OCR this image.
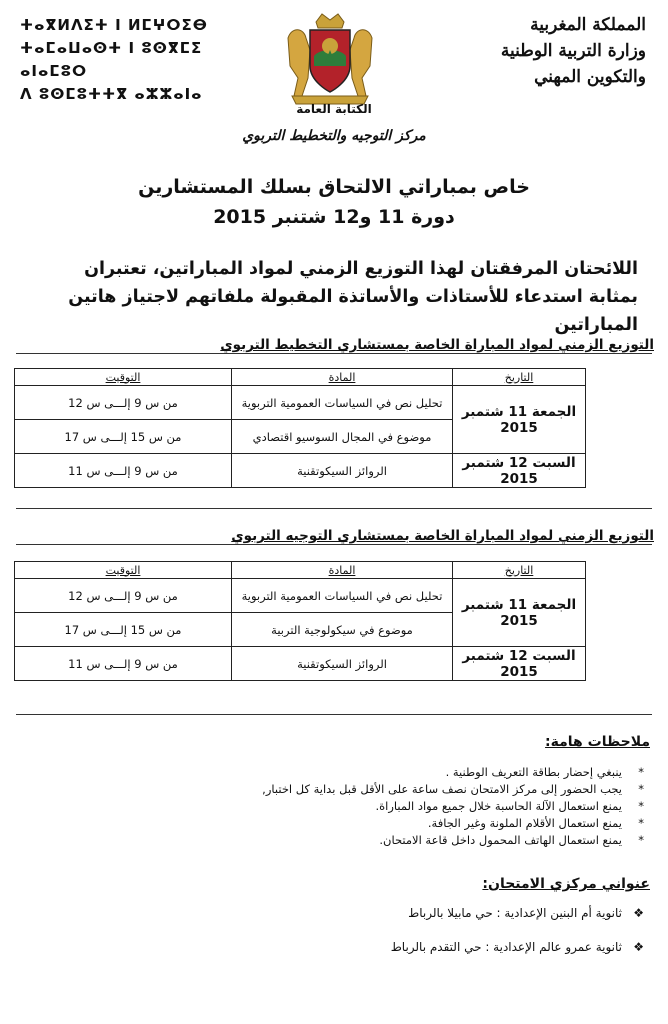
المملكة المغربية
وزارة التربية الوطنية
والتكوين المهني
ⵜⴰⴳⵍⴷⵉⵜ ⵏ ⵍⵎⵖⵔⵉⴱ
ⵜⴰⵎⴰⵡⴰⵙⵜ ⵏ ⵓⵙⴳⵎⵉ ⴰⵏⴰⵎⵓⵔ
ⴷ ⵓⵙⵎⵓⵜⵜⴳ ⴰⵣⵣⴰⵏⴰ
الكتابة العامة
مركز التوجيه والتخطيط التربوي
خاص بمباراتي الالتحاق بسلك المستشارين
دورة 11 و12 شتنبر 2015
اللائحتان المرفقتان لهذا التوزيع الزمني لمواد المباراتين، تعتبران بمثابة استدعاء للأستاذات والأساتذة المقبولة ملفاتهم لاجتياز هاتين المباراتين
التوزيع الزمني لمواد المباراة الخاصة بمستشاري التخطيط التربوي
التاريخ	المادة	التوقيت
الجمعة 11 شتمبر 2015	تحليل نص في السياسات العمومية التربوية	من س 9 إلـــى س 12
	موضوع في المجال السوسيو اقتصادي	من س 15 إلـــى س 17
السبت 12 شتمبر 2015	الروائز السيكوتقنية	من س 9 إلـــى س 11
التوزيع الزمني لمواد المباراة الخاصة بمستشاري التوجيه التربوي
التاريخ	المادة	التوقيت
الجمعة 11 شتمبر 2015	تحليل نص في السياسات العمومية التربوية	من س 9 إلـــى س 12
	موضوع في سيكولوجية التربية	من س 15 إلـــى س 17
السبت 12 شتمبر 2015	الروائز السيكوتقنية	من س 9 إلـــى س 11
ملاحظات هامة:
*
ينبغي إحضار بطاقة التعريف الوطنية .
*
يجب الحضور إلى مركز الامتحان نصف ساعة على الأقل قبل بداية كل اختبار,
*
يمنع استعمال الآلة الحاسبة خلال جميع مواد المباراة.
*
يمنع استعمال الأقلام الملونة وغير الجافة.
*
يمنع استعمال الهاتف المحمول داخل قاعة الامتحان.
عنواني مركزي الامتحان:
❖
ثانوية أم البنين الإعدادية : حي مابيلا بالرباط
❖
ثانوية عمرو عالم الإعدادية : حي التقدم بالرباط
